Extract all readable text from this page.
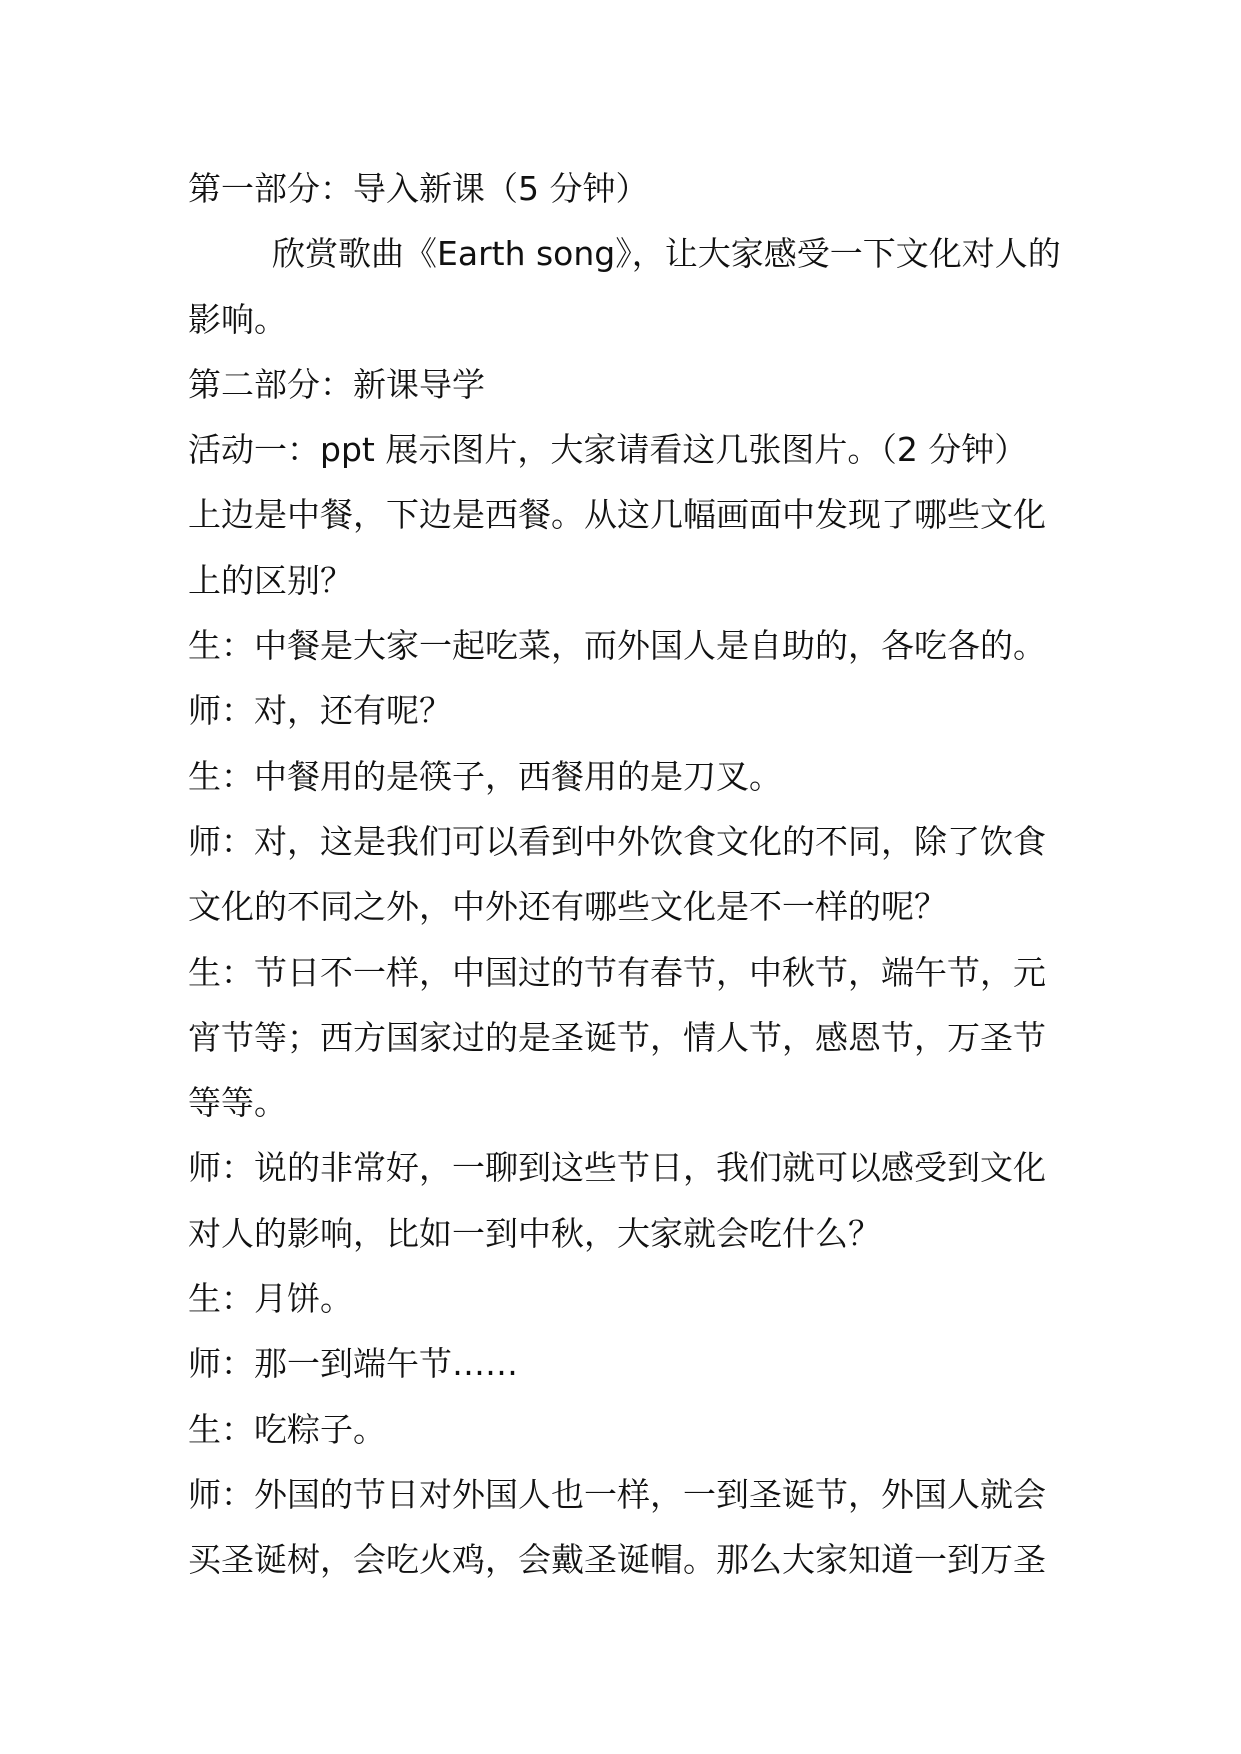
第一部分：导入新课（5 分钟）

欣赏歌曲《Earth song》，让大家感受一下文化对人的

影响。

第二部分：新课导学

活动一：ppt 展示图片，大家请看这几张图片。（2 分钟）

上边是中餐，下边是西餐。从这几幅画面中发现了哪些文化

上的区别？

生：中餐是大家一起吃菜，而外国人是自助的，各吃各的。

师：对，还有呢？

生：中餐用的是筷子，西餐用的是刀叉。

师：对，这是我们可以看到中外饮食文化的不同，除了饮食

文化的不同之外，中外还有哪些文化是不一样的呢？

生：节日不一样，中国过的节有春节，中秋节，端午节，元

宵节等；西方国家过的是圣诞节，情人节，感恩节，万圣节

等等。

师：说的非常好，一聊到这些节日，我们就可以感受到文化

对人的影响，比如一到中秋，大家就会吃什么？

生：月饼。

师：那一到端午节……

生：吃粽子。

师：外国的节日对外国人也一样，一到圣诞节，外国人就会

买圣诞树，会吃火鸡，会戴圣诞帽。那么大家知道一到万圣
